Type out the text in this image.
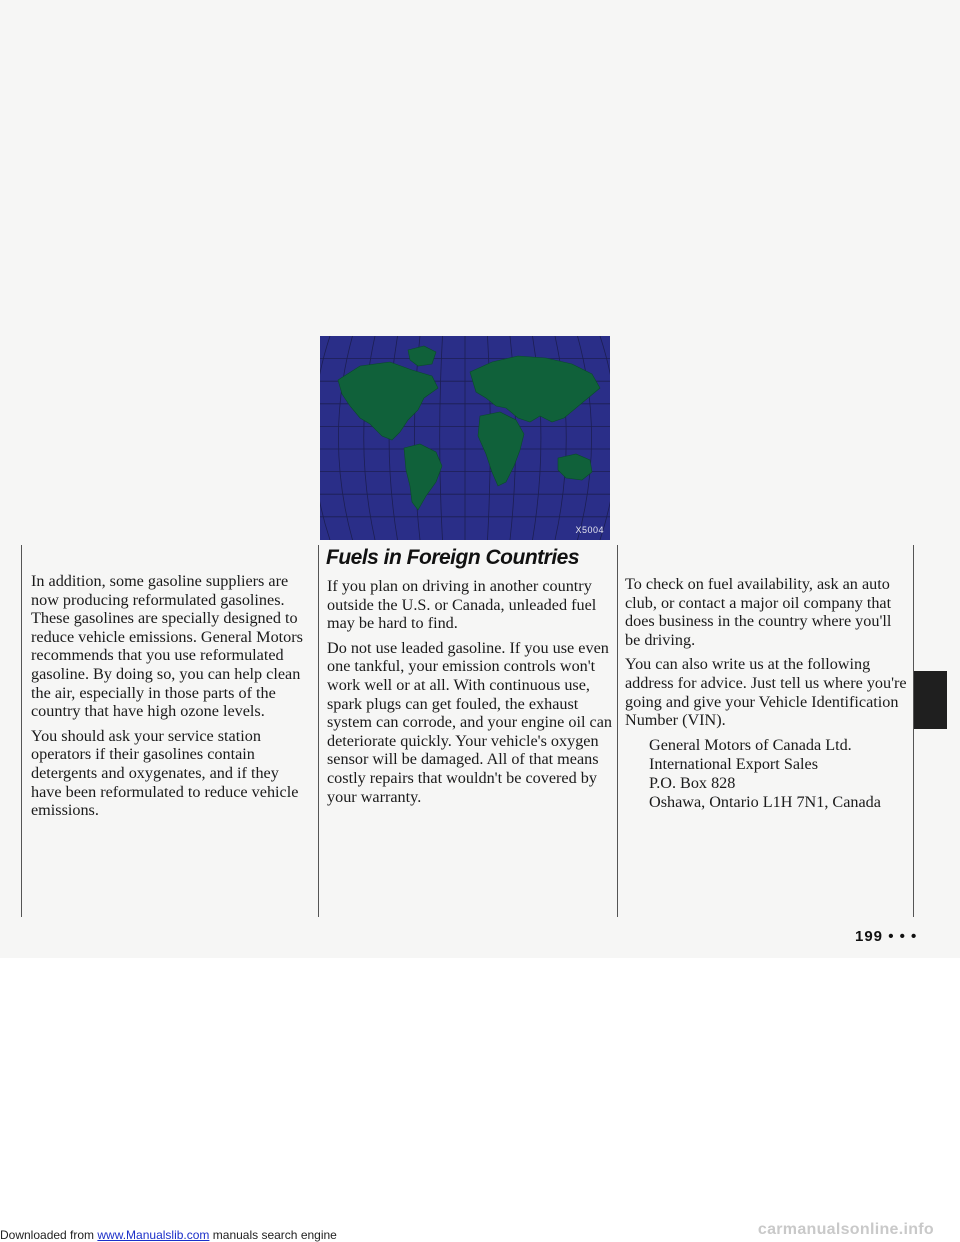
X5004

In addition, some gasoline suppliers are now producing reformulated gasolines. These gasolines are specially designed to reduce vehicle emissions. General Motors recommends that you use reformulated gasoline. By doing so, you can help clean the air, especially in those parts of the country that have high ozone levels.

You should ask your service station operators if their gasolines contain detergents and oxygenates, and if they have been reformulated to reduce vehicle emissions.

Fuels in Foreign Countries

If you plan on driving in another country outside the U.S. or Canada, unleaded fuel may be hard to find.

Do not use leaded gasoline. If you use even one tankful, your emission controls won't work well or at all. With continuous use, spark plugs can get fouled, the exhaust system can corrode, and your engine oil can deteriorate quickly. Your vehicle's oxygen sensor will be damaged. All of that means costly repairs that wouldn't be covered by your warranty.

To check on fuel availability, ask an auto club, or contact a major oil company that does business in the country where you'll be driving.

You can also write us at the following address for advice. Just tell us where you're going and give your Vehicle Identification Number (VIN).

General Motors of Canada Ltd.
International Export Sales
P.O. Box 828
Oshawa, Ontario L1H 7N1, Canada
199 • • •
Downloaded from www.Manualslib.com manuals search engine	carmanualsonline.info
